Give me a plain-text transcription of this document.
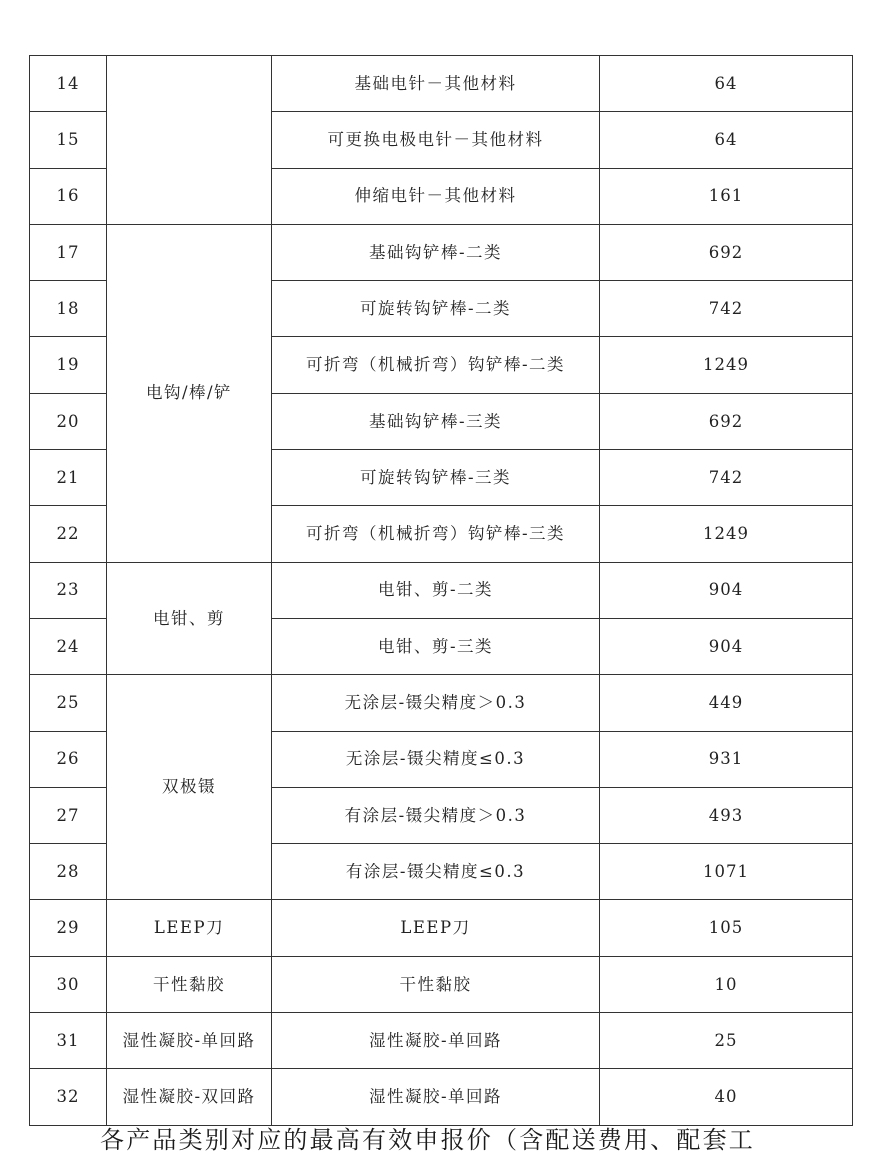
14		基础电针－其他材料	64
15		可更换电极电针－其他材料	64
16		伸缩电针－其他材料	161
17	电钩/棒/铲	基础钩铲棒-二类	692
18		可旋转钩铲棒-二类	742
19		可折弯（机械折弯）钩铲棒-二类	1249
20		基础钩铲棒-三类	692
21		可旋转钩铲棒-三类	742
22		可折弯（机械折弯）钩铲棒-三类	1249
23	电钳、剪	电钳、剪-二类	904
24		电钳、剪-三类	904
25	双极镊	无涂层-镊尖精度＞0.3	449
26		无涂层-镊尖精度≤0.3	931
27		有涂层-镊尖精度＞0.3	493
28		有涂层-镊尖精度≤0.3	1071
29	LEEP刀	LEEP刀	105
30	干性黏胶	干性黏胶	10
31	湿性凝胶-单回路	湿性凝胶-单回路	25
32	湿性凝胶-双回路	湿性凝胶-单回路	40
各产品类别对应的最高有效申报价（含配送费用、配套工
